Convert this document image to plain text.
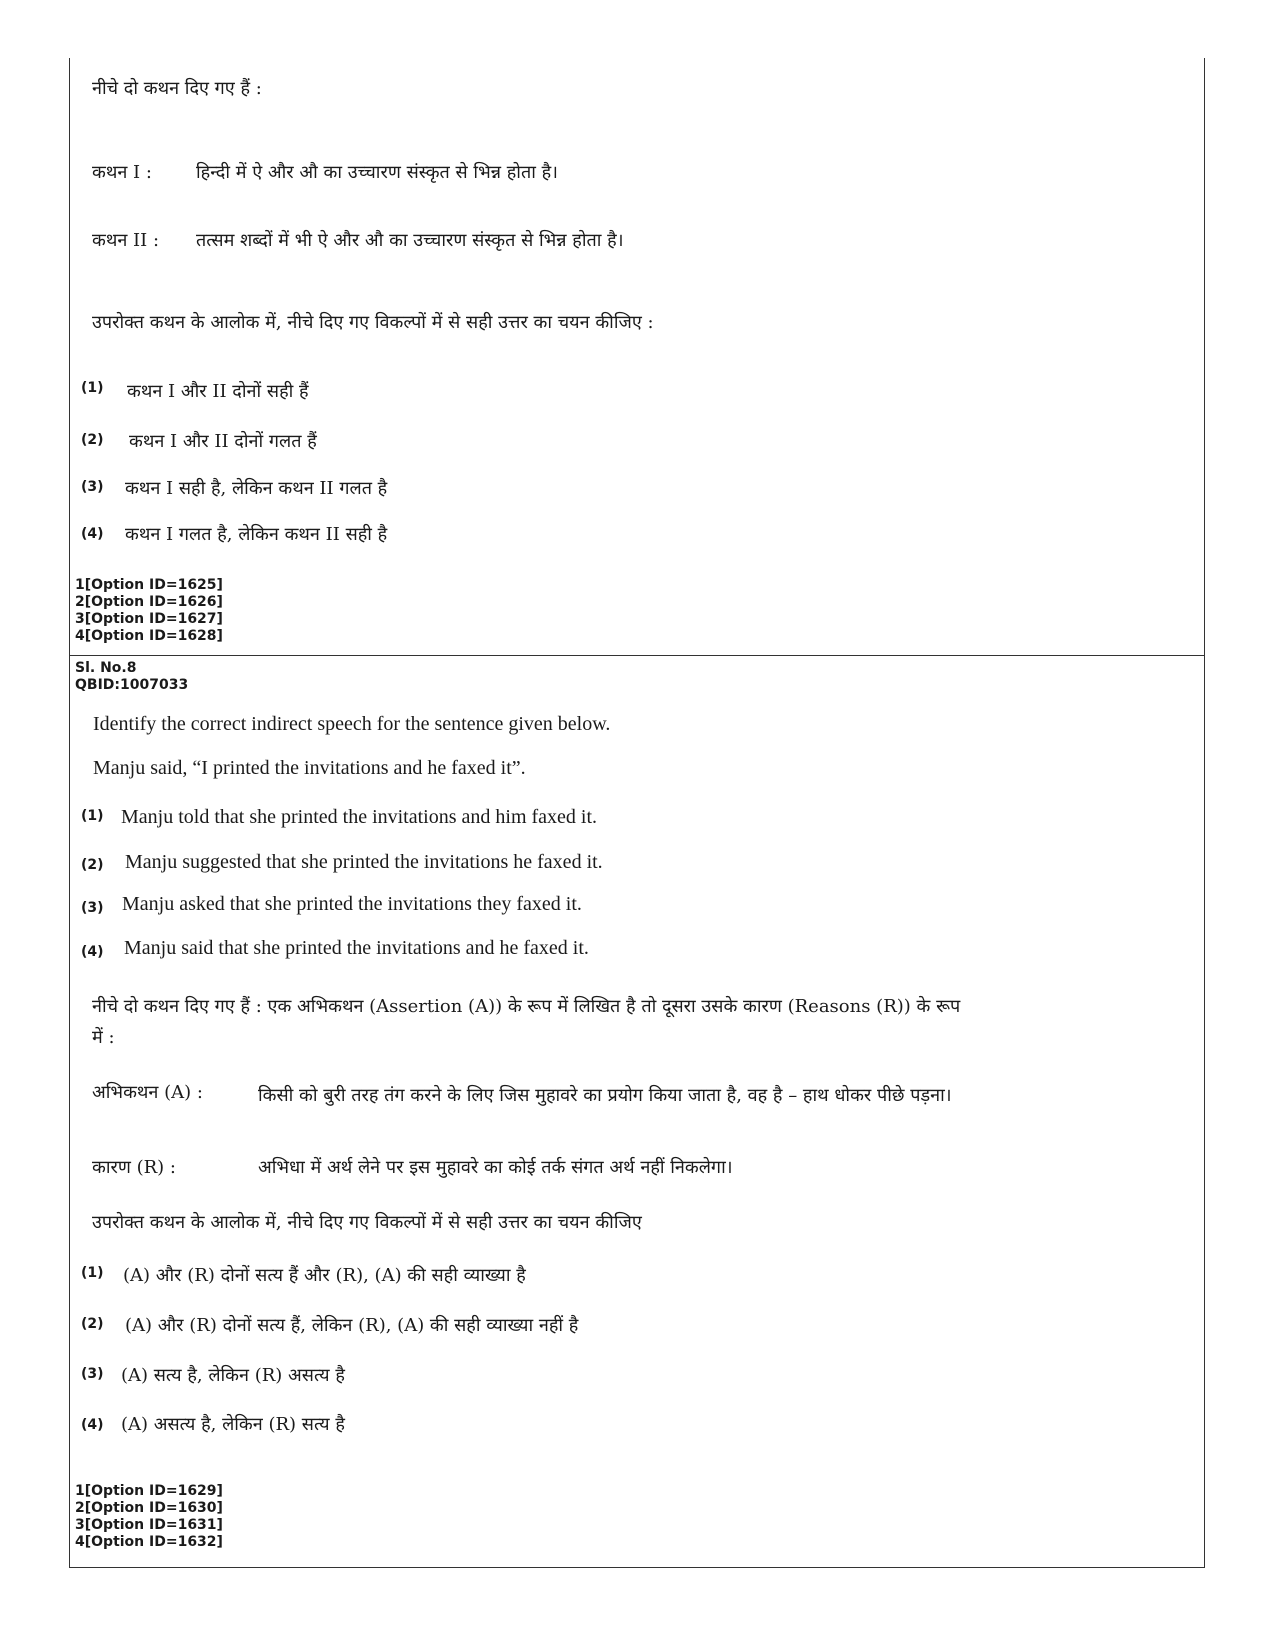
नीचे दो कथन दिए गए हैं :
कथन I : हिन्दी में ऐ और औ का उच्चारण संस्कृत से भिन्न होता है।
कथन II : तत्सम शब्दों में भी ऐ और औ का उच्चारण संस्कृत से भिन्न होता है।
उपरोक्त कथन के आलोक में, नीचे दिए गए विकल्पों में से सही उत्तर का चयन कीजिए :
(1) कथन I और II दोनों सही हैं
(2) कथन I और II दोनों गलत हैं
(3) कथन I सही है, लेकिन कथन II गलत है
(4) कथन I गलत है, लेकिन कथन II सही है
1[Option ID=1625]
2[Option ID=1626]
3[Option ID=1627]
4[Option ID=1628]
Sl. No.8
QBID:1007033
Identify the correct indirect speech for the sentence given below.
Manju said, “I printed the invitations and he faxed it”.
(1) Manju told that she printed the invitations and him faxed it.
(2) Manju suggested that she printed the invitations he faxed it.
(3) Manju asked that she printed the invitations they faxed it.
(4) Manju said that she printed the invitations and he faxed it.
नीचे दो कथन दिए गए हैं : एक अभिकथन (Assertion (A)) के रूप में लिखित है तो दूसरा उसके कारण (Reasons (R)) के रूप में :
अभिकथन (A) :	किसी को बुरी तरह तंग करने के लिए जिस मुहावरे का प्रयोग किया जाता है, वह है – हाथ धोकर पीछे पड़ना।
कारण (R) :	अभिधा में अर्थ लेने पर इस मुहावरे का कोई तर्क संगत अर्थ नहीं निकलेगा।
उपरोक्त कथन के आलोक में, नीचे दिए गए विकल्पों में से सही उत्तर का चयन कीजिए
(1) (A) और (R) दोनों सत्य हैं और (R), (A) की सही व्याख्या है
(2) (A) और (R) दोनों सत्य हैं, लेकिन (R), (A) की सही व्याख्या नहीं है
(3) (A) सत्य है, लेकिन (R) असत्य है
(4) (A) असत्य है, लेकिन (R) सत्य है
1[Option ID=1629]
2[Option ID=1630]
3[Option ID=1631]
4[Option ID=1632]
